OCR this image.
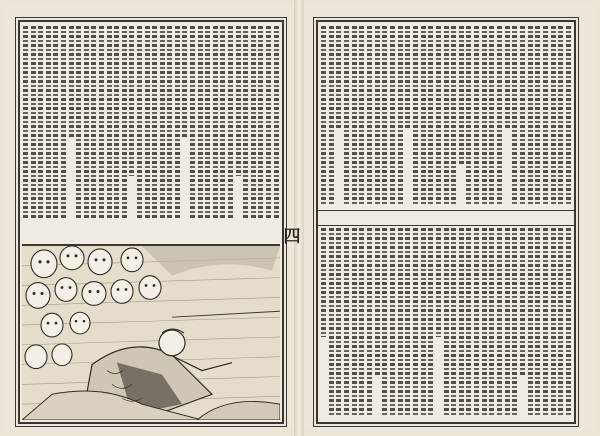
四
